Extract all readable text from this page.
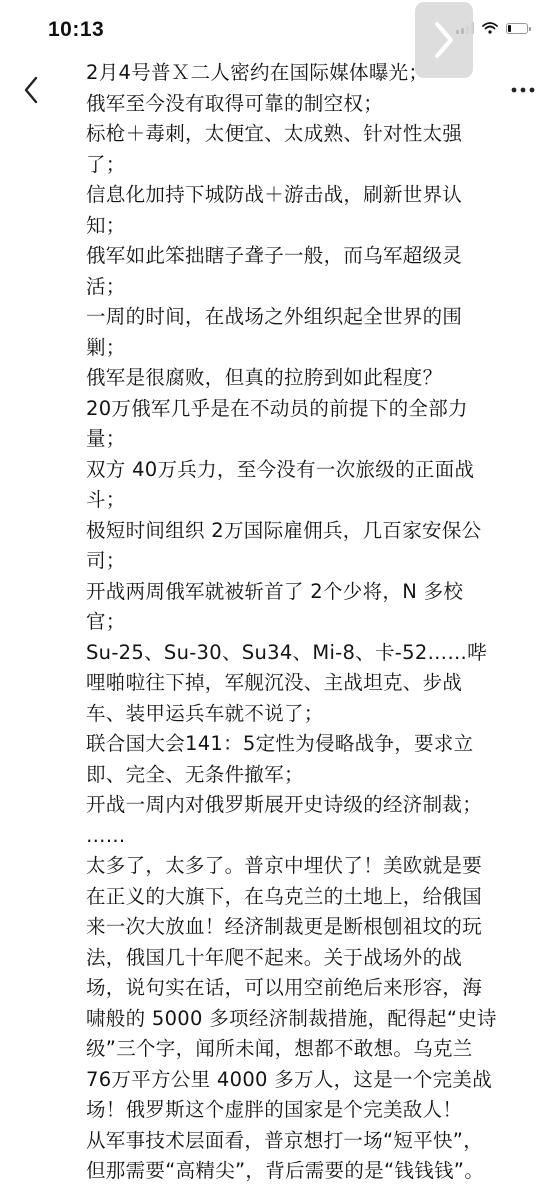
10:13

2月4号普Ｘ二人密约在国际媒体曝光；

俄军至今没有取得可靠的制空权；

标枪＋毒刺，太便宜、太成熟、针对性太强

了；

信息化加持下城防战＋游击战，刷新世界认

知；

俄军如此笨拙瞎子聋子一般，而乌军超级灵

活；

一周的时间，在战场之外组织起全世界的围

剿；

俄军是很腐败，但真的拉胯到如此程度？

20万俄军几乎是在不动员的前提下的全部力

量；

双方 40万兵力，至今没有一次旅级的正面战

斗；

极短时间组织 2万国际雇佣兵，几百家安保公

司；

开战两周俄军就被斩首了 2个少将，N 多校

官；

Su-25、Su-30、Su34、Mi-8、卡-52……哔

哩啪啦往下掉，军舰沉没、主战坦克、步战

车、装甲运兵车就不说了；

联合国大会141：5定性为侵略战争，要求立

即、完全、无条件撤军；

开战一周内对俄罗斯展开史诗级的经济制裁；

……

太多了，太多了。普京中埋伏了！美欧就是要

在正义的大旗下，在乌克兰的土地上，给俄国

来一次大放血！经济制裁更是断根刨祖坟的玩

法，俄国几十年爬不起来。关于战场外的战

场，说句实在话，可以用空前绝后来形容，海

啸般的 5000 多项经济制裁措施，配得起“史诗

级”三个字，闻所未闻，想都不敢想。乌克兰

76万平方公里 4000 多万人，这是一个完美战

场！俄罗斯这个虚胖的国家是个完美敌人！

从军事技术层面看，普京想打一场“短平快”，

但那需要“高精尖”，背后需要的是“钱钱钱”。
